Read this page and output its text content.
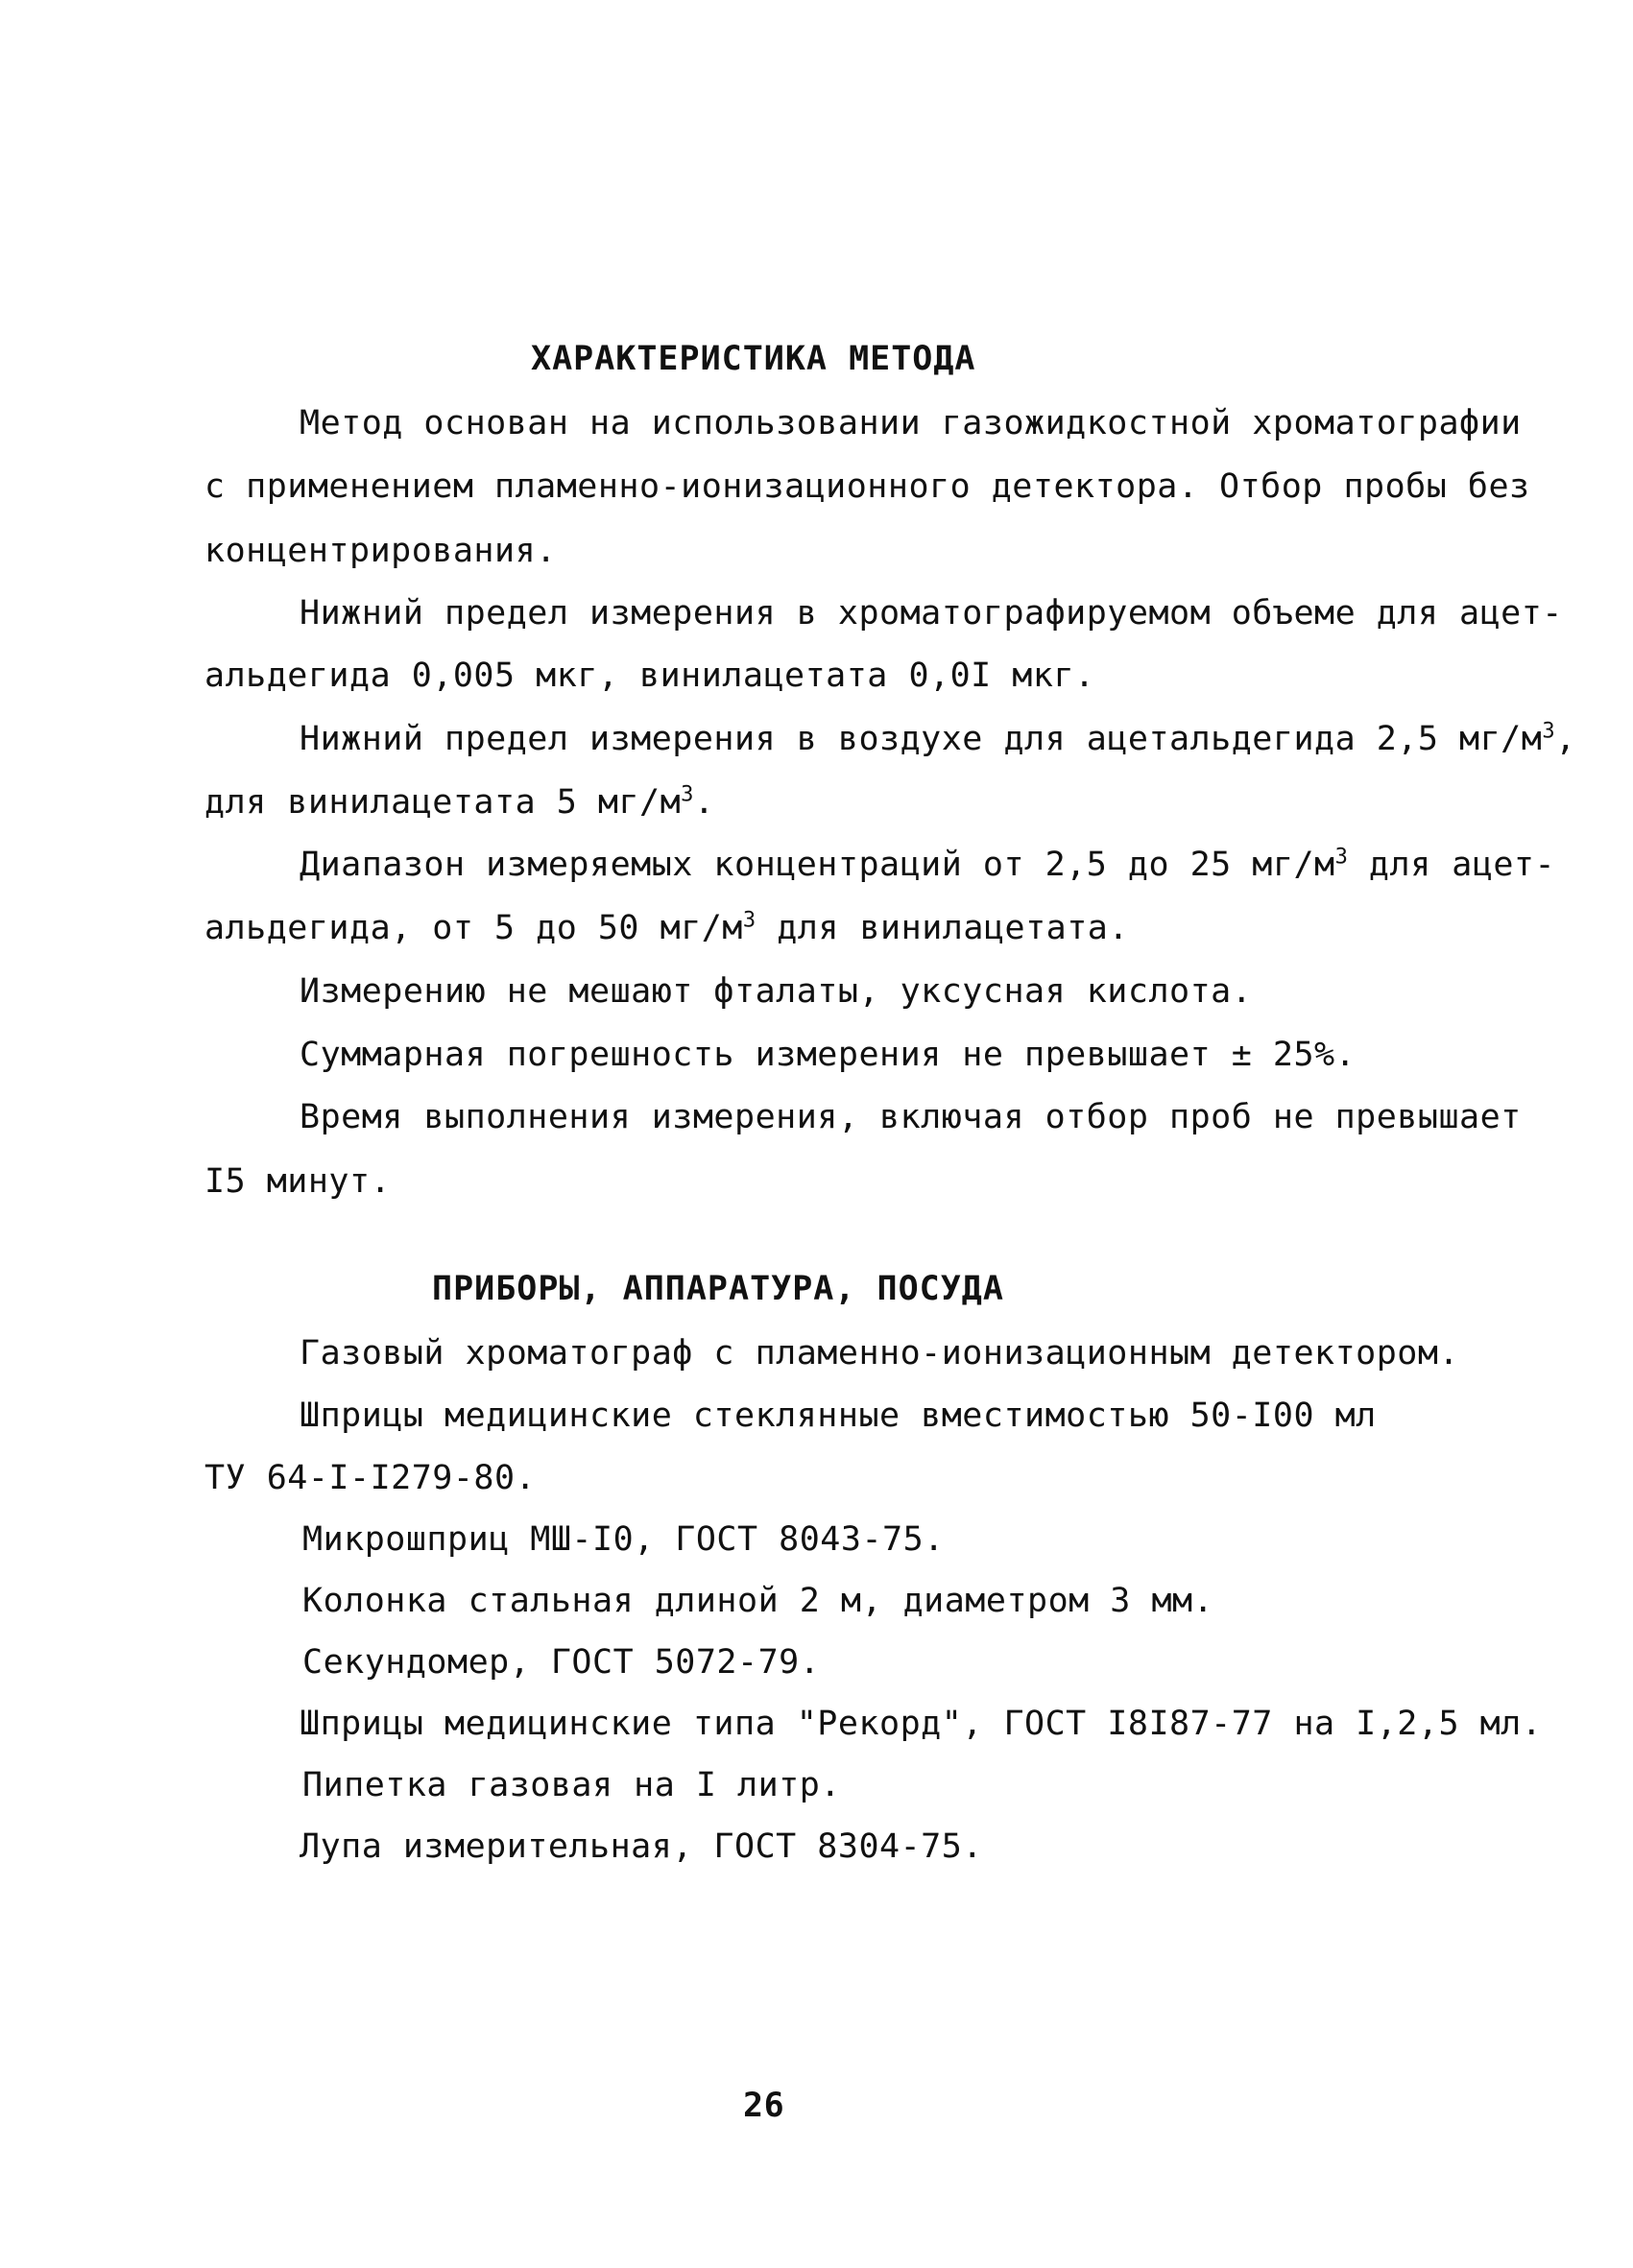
ХАРАКТЕРИСТИКА МЕТОДА
Метод основан на использовании газожидкостной хроматографии
с применением пламенно-ионизационного детектора. Отбор пробы без
концентрирования.
Нижний предел измерения в хроматографируемом объеме для ацет-
альдегида 0,005 мкг, винилацетата 0,0I мкг.
Нижний предел измерения в воздухе для ацетальдегида 2,5 $мг/м^3$,
для винилацетата 5 $мг/м^3$.
Диапазон измеряемых концентраций от 2,5 до 25 $мг/м^3$ для ацет-
альдегида, от 5 до 50 $мг/м^3$ для винилацетата.
Измерению не мешают фталаты, уксусная кислота.
Суммарная погрешность измерения не превышает ± 25%.
Время выполнения измерения, включая отбор проб не превышает
I5 минут.
ПРИБОРЫ, АППАРАТУРА, ПОСУДА
Газовый хроматограф с пламенно-ионизационным детектором.
Шприцы медицинские стеклянные вместимостью 50-I00 мл
ТУ 64-I-I279-80.
Микрошприц МШ-I0, ГОСТ 8043-75.
Колонка стальная длиной 2 м, диаметром 3 мм.
Секундомер, ГОСТ 5072-79.
Шприцы медицинские типа "Рекорд", ГОСТ I8I87-77 на I,2,5 мл.
Пипетка газовая на I литр.
Лупа измерительная, ГОСТ 8304-75.
26
